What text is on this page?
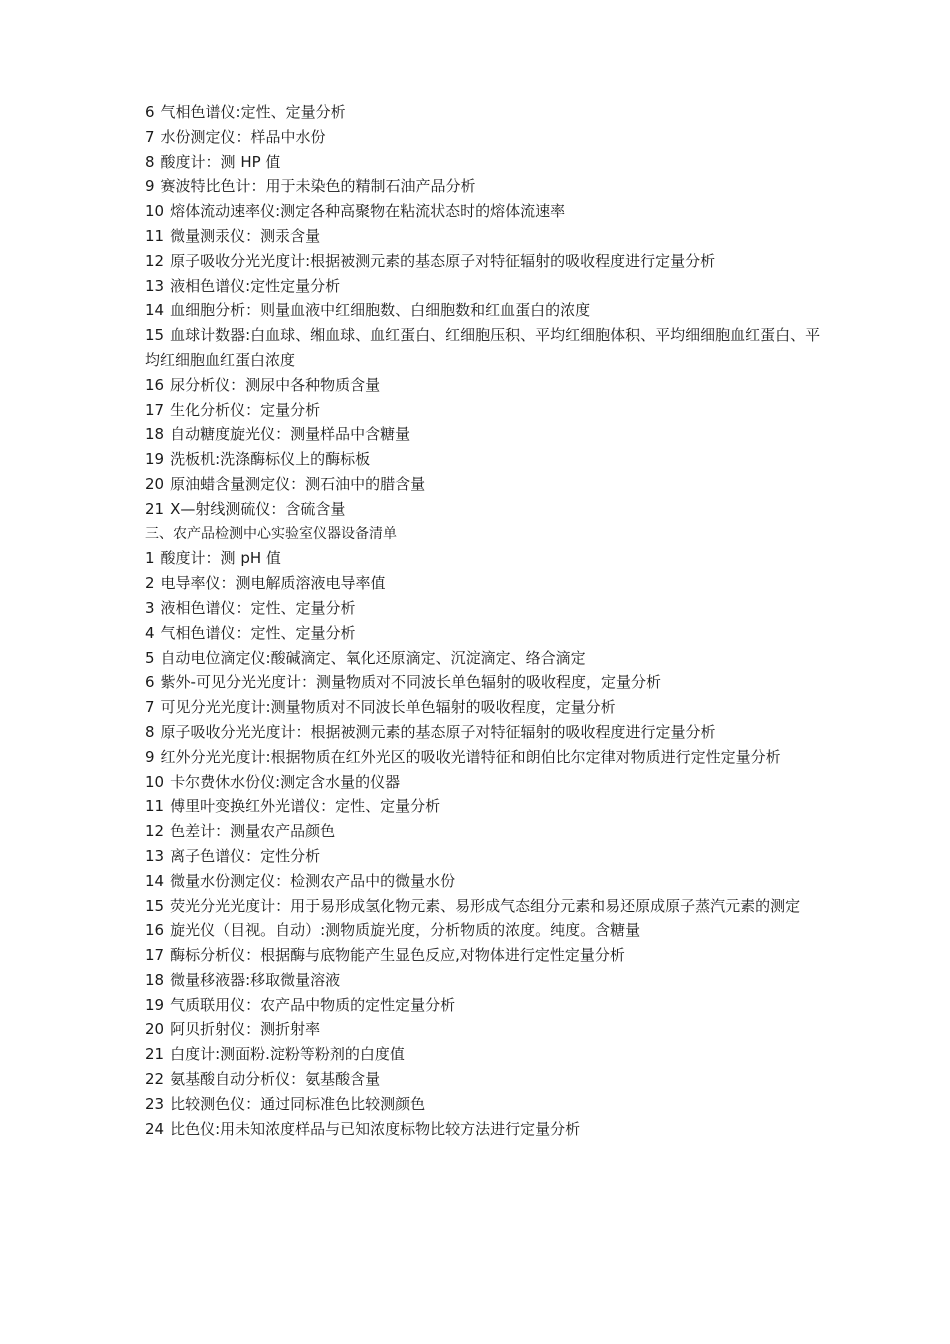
6 气相色谱仪:定性、定量分析
7 水份测定仪：样品中水份
8 酸度计：测 HP 值
9 赛波特比色计：用于未染色的精制石油产品分析
10 熔体流动速率仪:测定各种高聚物在粘流状态时的熔体流速率
11 微量测汞仪：测汞含量
12 原子吸收分光光度计:根据被测元素的基态原子对特征辐射的吸收程度进行定量分析
13 液相色谱仪:定性定量分析
14 血细胞分析：则量血液中红细胞数、白细胞数和红血蛋白的浓度
15 血球计数器:白血球、缃血球、血红蛋白、红细胞压积、平均红细胞体积、平均细细胞血红蛋白、平均红细胞血红蛋白浓度
16 尿分析仪：测尿中各种物质含量
17 生化分析仪：定量分析
18 自动糖度旋光仪：测量样品中含糖量
19 洗板机:洗涤酶标仪上的酶标板
20 原油蜡含量测定仪：测石油中的腊含量
21 X—射线测硫仪：含硫含量
三、农产品检测中心实验室仪器设备清单
1 酸度计：测 pH 值
2 电导率仪：测电解质溶液电导率值
3 液相色谱仪：定性、定量分析
4 气相色谱仪：定性、定量分析
5 自动电位滴定仪:酸碱滴定、氧化还原滴定、沉淀滴定、络合滴定
6 紫外-可见分光光度计：测量物质对不同波长单色辐射的吸收程度，定量分析
7 可见分光光度计:测量物质对不同波长单色辐射的吸收程度，定量分析
8 原子吸收分光光度计：根据被测元素的基态原子对特征辐射的吸收程度进行定量分析
9 红外分光光度计:根据物质在红外光区的吸收光谱特征和朗伯比尔定律对物质进行定性定量分析
10 卡尔费休水份仪:测定含水量的仪器
11 傅里叶变换红外光谱仪：定性、定量分析
12 色差计：测量农产品颜色
13 离子色谱仪：定性分析
14 微量水份测定仪：检测农产品中的微量水份
15 荧光分光光度计：用于易形成氢化物元素、易形成气态组分元素和易还原成原子蒸汽元素的测定
16 旋光仪（目视。自动）:测物质旋光度，分析物质的浓度。纯度。含糖量
17 酶标分析仪：根据酶与底物能产生显色反应,对物体进行定性定量分析
18 微量移液器:移取微量溶液
19 气质联用仪：农产品中物质的定性定量分析
20 阿贝折射仪：测折射率
21 白度计:测面粉.淀粉等粉剂的白度值
22 氨基酸自动分析仪：氨基酸含量
23 比较测色仪：通过同标准色比较测颜色
24 比色仪:用未知浓度样品与已知浓度标物比较方法进行定量分析
